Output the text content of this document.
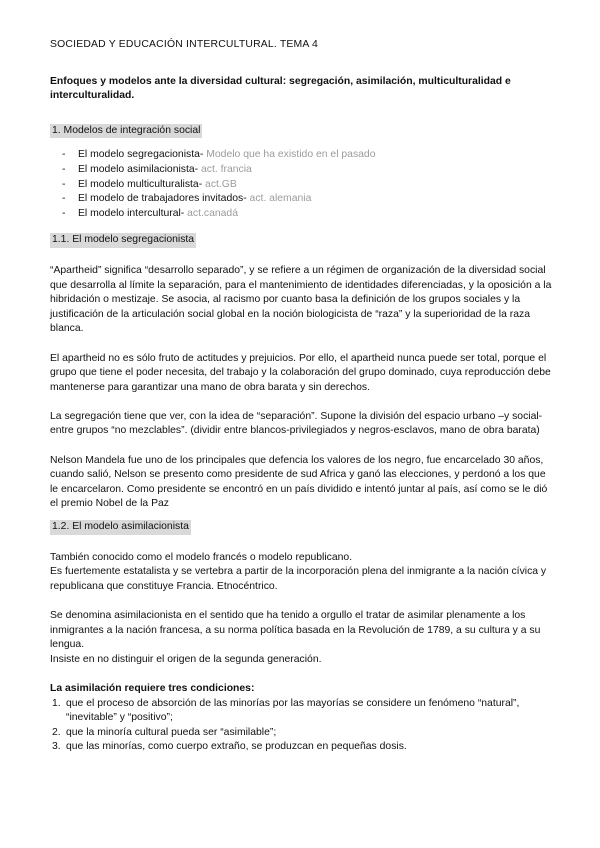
SOCIEDAD Y EDUCACIÓN INTERCULTURAL. TEMA 4

Enfoques y modelos ante la diversidad cultural: segregación, asimilación, multiculturalidad e interculturalidad.

1. Modelos de integración social
- El modelo segregacionista- Modelo que ha existido en el pasado
- El modelo asimilacionista- act. francia
- El modelo multiculturalista- act.GB
- El modelo de trabajadores invitados- act. alemania
- El modelo intercultural- act.canadá
1.1. El modelo segregacionista

“Apartheid” significa “desarrollo separado”, y se refiere a un régimen de organización de la diversidad social que desarrolla al límite la separación, para el mantenimiento de identidades diferenciadas, y la oposición a la hibridación o mestizaje. Se asocia, al racismo por cuanto basa la definición de los grupos sociales y la justificación de la articulación social global en la noción biologicista de “raza” y la superioridad de la raza blanca.

El apartheid no es sólo fruto de actitudes y prejuicios. Por ello, el apartheid nunca puede ser total, porque el grupo que tiene el poder necesita, del trabajo y la colaboración del grupo dominado, cuya reproducción debe mantenerse para garantizar una mano de obra barata y sin derechos.

La segregación tiene que ver, con la idea de “separación”. Supone la división del espacio urbano –y social- entre grupos “no mezclables”. (dividir entre blancos-privilegiados y negros-esclavos, mano de obra barata)

Nelson Mandela fue uno de los principales que defencia los valores de los negro, fue encarcelado 30 años, cuando salió, Nelson se presento como presidente de sud Africa y ganó las elecciones, y perdonó a los que le encarcelaron. Como presidente se encontró en un país dividido e intentó juntar al país, así como se le dió el premio Nobel de la Paz

1.2. El modelo asimilacionista

También conocido como el modelo francés o modelo republicano.

Es fuertemente estatalista y se vertebra a partir de la incorporación plena del inmigrante a la nación cívica y republicana que constituye Francia. Etnocéntrico.

Se denomina asimilacionista en el sentido que ha tenido a orgullo el tratar de asimilar plenamente a los inmigrantes a la nación francesa, a su norma política basada en la Revolución de 1789, a su cultura y a su lengua.

Insiste en no distinguir el origen de la segunda generación.

La asimilación requiere tres condiciones:

1. que el proceso de absorción de las minorías por las mayorías se considere un fenómeno “natural”, “inevitable” y “positivo”;
2. que la minoría cultural pueda ser “asimilable”;
3. que las minorías, como cuerpo extraño, se produzcan en pequeñas dosis.
